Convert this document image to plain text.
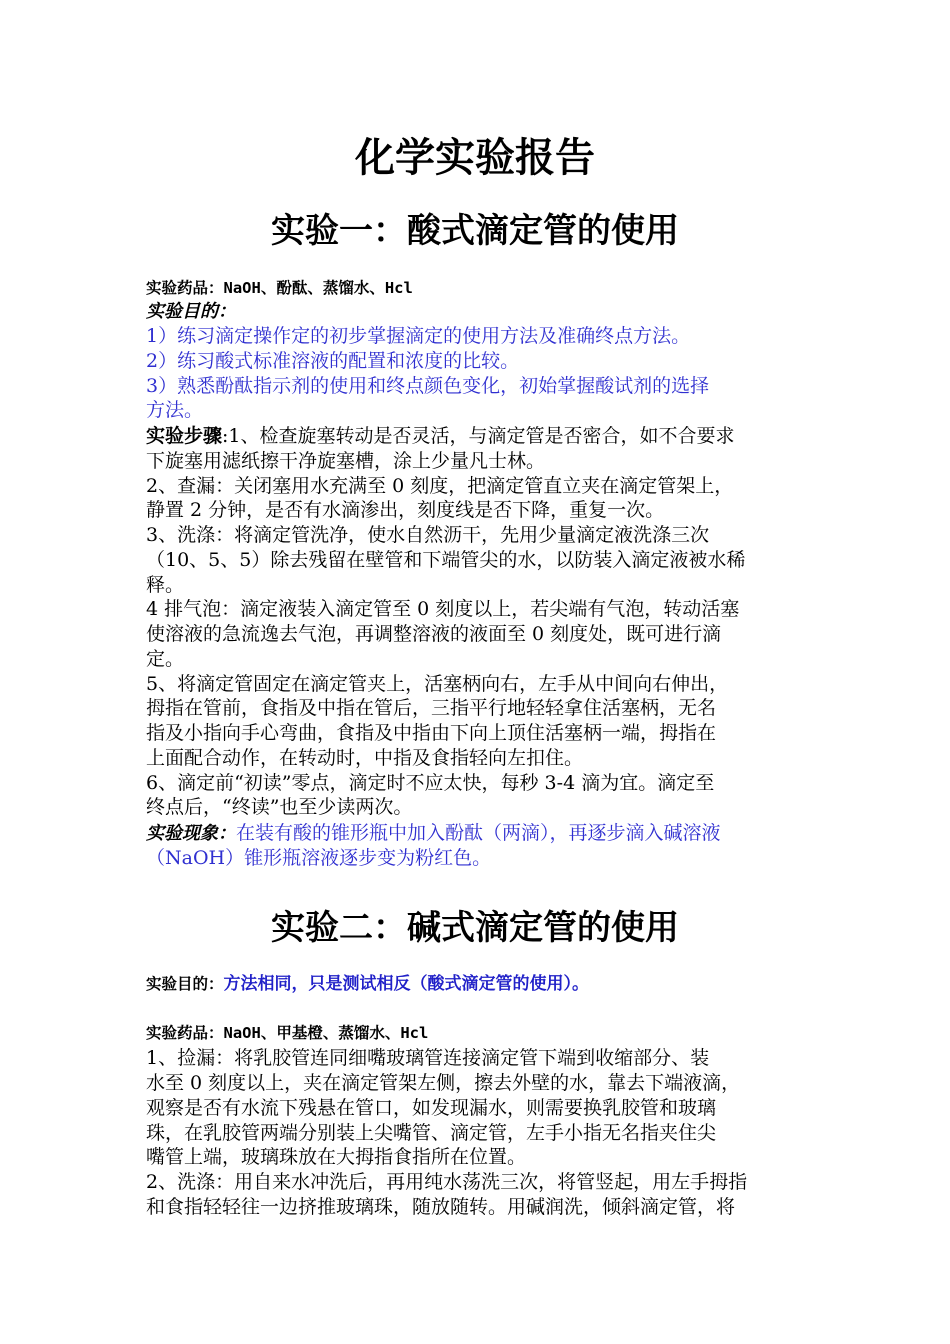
化学实验报告
实验一：酸式滴定管的使用
实验药品：NaOH、酚酞、蒸馏水、Hcl
实验目的：
1）练习滴定操作定的初步掌握滴定的使用方法及准确终点方法。
2）练习酸式标准溶液的配置和浓度的比较。
3）熟悉酚酞指示剂的使用和终点颜色变化，初始掌握酸试剂的选择
方法。
实验步骤:1、检查旋塞转动是否灵活，与滴定管是否密合，如不合要求
下旋塞用滤纸擦干净旋塞槽，涂上少量凡士林。
2、查漏：关闭塞用水充满至 0 刻度，把滴定管直立夹在滴定管架上，
静置 2 分钟，是否有水滴渗出，刻度线是否下降，重复一次。
3、洗涤：将滴定管洗净，使水自然沥干，先用少量滴定液洗涤三次
（10、5、5）除去残留在壁管和下端管尖的水，以防装入滴定液被水稀
释。
4 排气泡：滴定液装入滴定管至 0 刻度以上，若尖端有气泡，转动活塞
使溶液的急流逸去气泡，再调整溶液的液面至 0 刻度处，既可进行滴
定。
5、将滴定管固定在滴定管夹上，活塞柄向右，左手从中间向右伸出，
拇指在管前，食指及中指在管后，三指平行地轻轻拿住活塞柄，无名
指及小指向手心弯曲，食指及中指由下向上顶住活塞柄一端，拇指在
上面配合动作，在转动时，中指及食指轻向左扣住。
6、滴定前“初读”零点，滴定时不应太快，每秒 3-4 滴为宜。滴定至
终点后，“终读”也至少读两次。
实验现象：在装有酸的锥形瓶中加入酚酞（两滴），再逐步滴入碱溶液
（NaOH）锥形瓶溶液逐步变为粉红色。
实验二：碱式滴定管的使用
实验目的：方法相同，只是测试相反（酸式滴定管的使用）。
实验药品：NaOH、甲基橙、蒸馏水、Hcl
1、捡漏：将乳胶管连同细嘴玻璃管连接滴定管下端到收缩部分、装
水至 0 刻度以上，夹在滴定管架左侧，擦去外壁的水，靠去下端液滴，
观察是否有水流下残悬在管口，如发现漏水，则需要换乳胶管和玻璃
珠，在乳胶管两端分别装上尖嘴管、滴定管，左手小指无名指夹住尖
嘴管上端，玻璃珠放在大拇指食指所在位置。
2、洗涤：用自来水冲洗后，再用纯水荡洗三次，将管竖起，用左手拇指
和食指轻轻往一边挤推玻璃珠，随放随转。用碱润洗，倾斜滴定管，将
